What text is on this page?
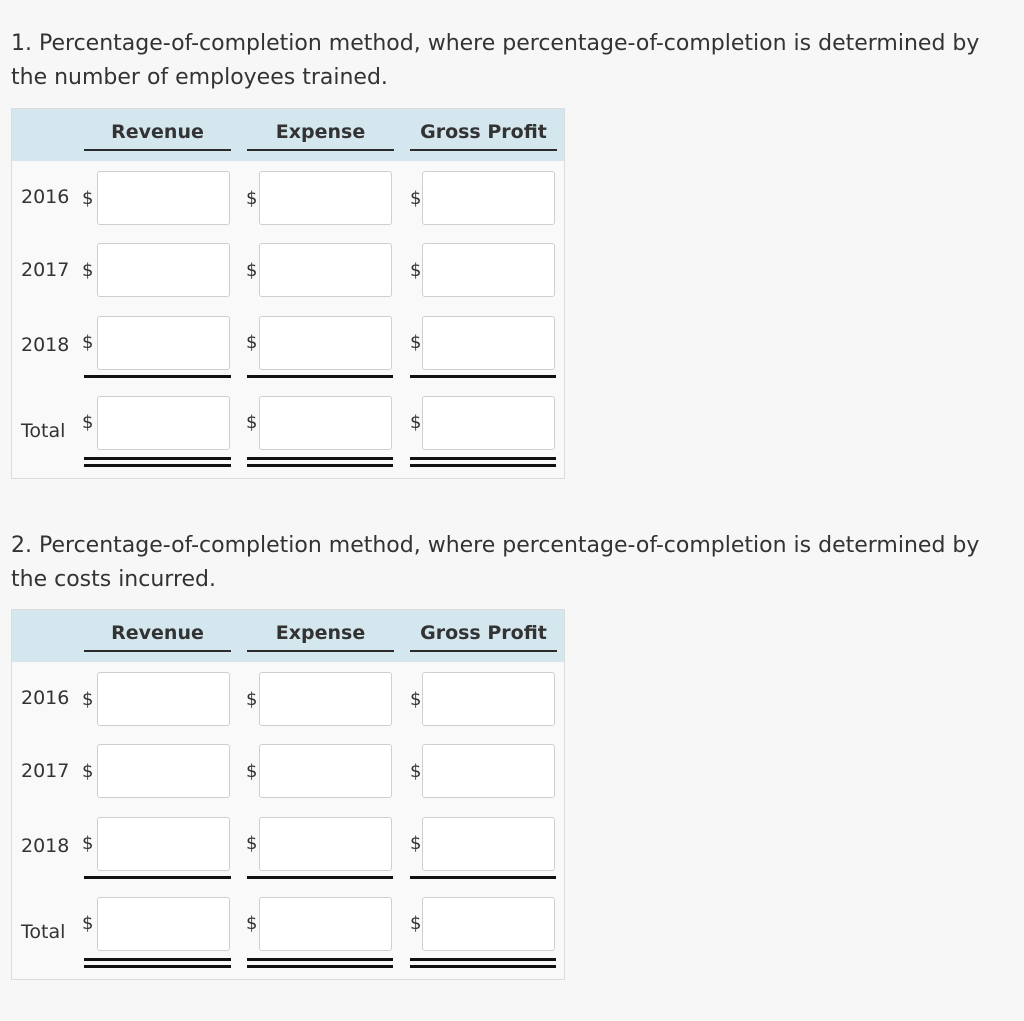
1. Percentage-of-completion method, where percentage-of-completion is determined by the number of employees trained.

Revenue	Expense	Gross Profit
2016 $	$	$
2017 $	$	$
2018 $	$	$
Total $	$	$

2. Percentage-of-completion method, where percentage-of-completion is determined by the costs incurred.

Revenue	Expense	Gross Profit
2016 $	$	$
2017 $	$	$
2018 $	$	$
Total $	$	$
